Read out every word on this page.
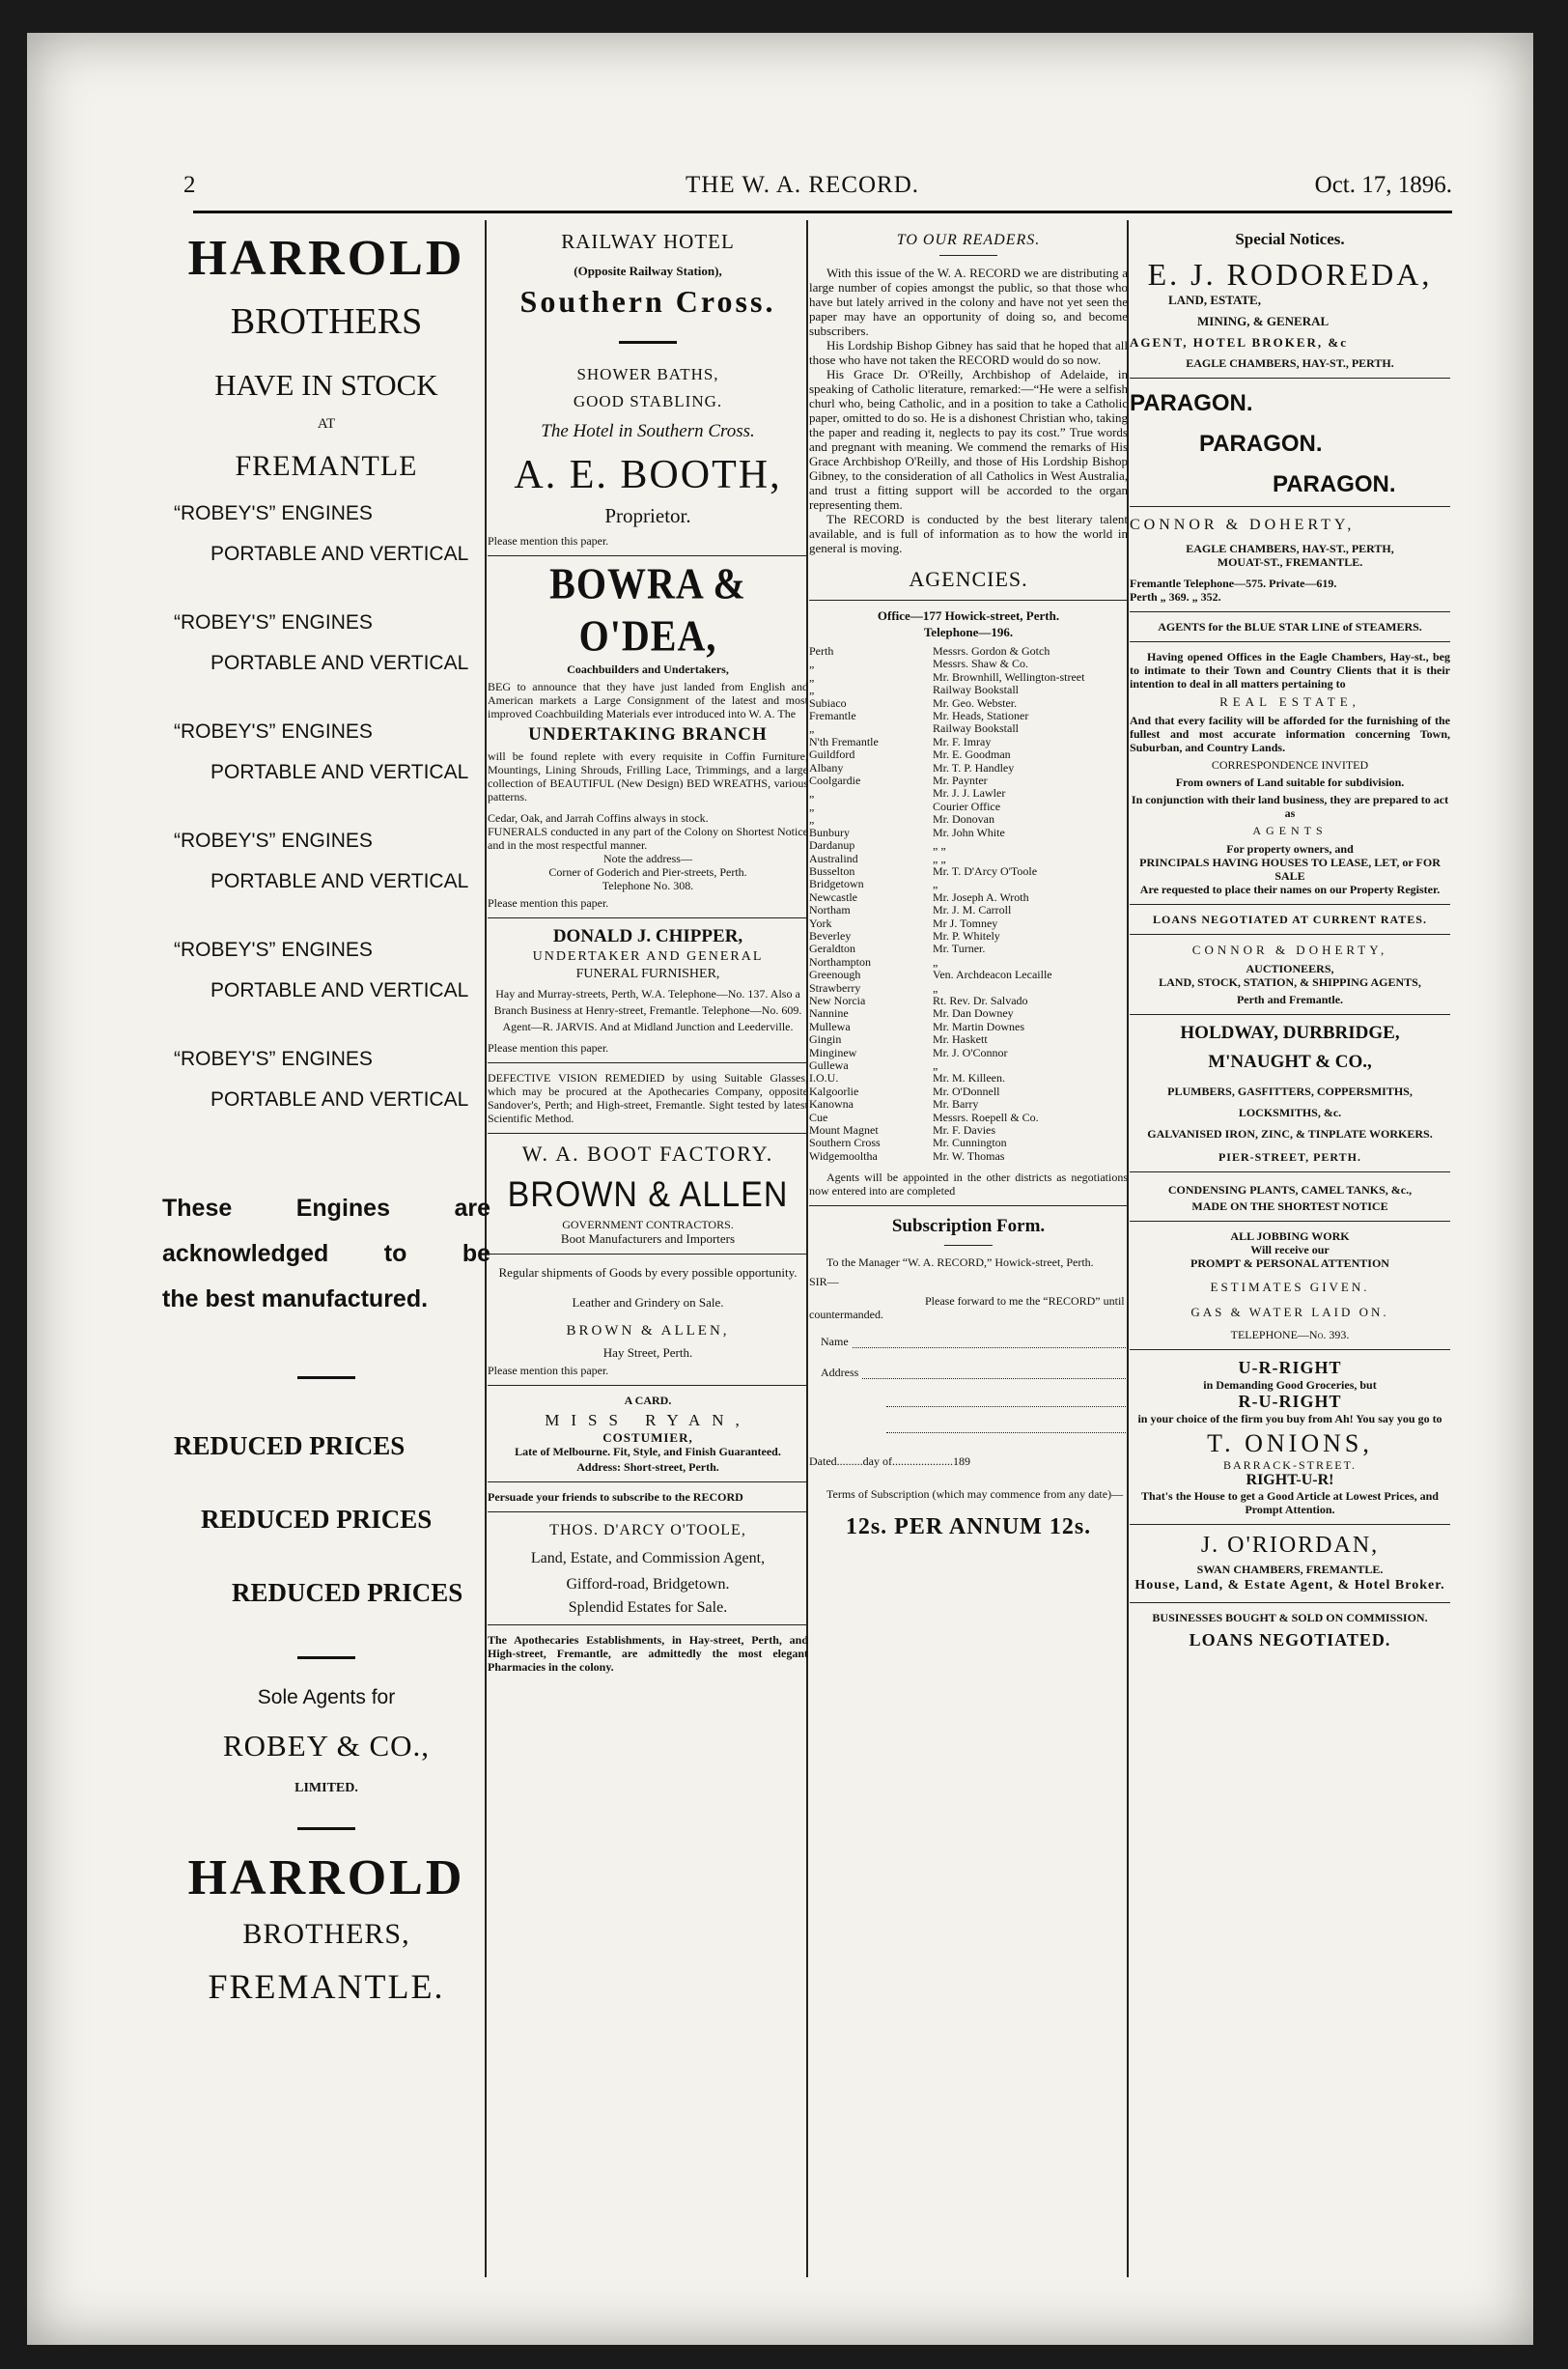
2	THE W. A. RECORD.	Oct. 17, 1896.
HARROLD
BROTHERS
HAVE IN STOCK
AT
FREMANTLE
“ROBEY'S” ENGINES
PORTABLE AND VERTICAL
“ROBEY'S” ENGINES
PORTABLE AND VERTICAL
“ROBEY'S” ENGINES
PORTABLE AND VERTICAL
“ROBEY'S” ENGINES
PORTABLE AND VERTICAL
“ROBEY'S” ENGINES
PORTABLE AND VERTICAL
“ROBEY'S” ENGINES
PORTABLE AND VERTICAL
These Engines are
acknowledged to be
the best manufactured.
REDUCED PRICES
REDUCED PRICES
REDUCED PRICES
Sole Agents for
ROBEY & CO.,
LIMITED.
HARROLD
BROTHERS,
FREMANTLE.
RAILWAY HOTEL
(Opposite Railway Station),
Southern Cross.
SHOWER BATHS,
GOOD STABLING.
The Hotel in Southern Cross.
A. E. BOOTH,
Proprietor.
Please mention this paper.
BOWRA & O'DEA,
Coachbuilders and Undertakers,
BEG to announce that they have just landed from English and American markets a Large Consignment of the latest and most improved Coachbuilding Materials ever introduced into W. A. The
UNDERTAKING BRANCH
will be found replete with every requisite in Coffin Furniture, Mountings, Lining Shrouds, Frilling Lace, Trimmings, and a large collection of BEAUTIFUL (New Design) BED WREATHS, various patterns.
Cedar, Oak, and Jarrah Coffins always in stock.
FUNERALS conducted in any part of the Colony on Shortest Notice and in the most respectful manner.
Note the address—
Corner of Goderich and Pier-streets, Perth.
Telephone No. 308.
Please mention this paper.
DONALD J. CHIPPER,
UNDERTAKER AND GENERAL
FUNERAL FURNISHER,
Hay and Murray-streets, Perth, W.A. Telephone—No. 137. Also a Branch Business at Henry-street, Fremantle. Telephone—No. 609. Agent—R. JARVIS. And at Midland Junction and Leederville.
Please mention this paper.
DEFECTIVE VISION REMEDIED by using Suitable Glasses, which may be procured at the Apothecaries Company, opposite Sandover's, Perth; and High-street, Fremantle. Sight tested by latest Scientific Method.
W. A. BOOT FACTORY.
BROWN & ALLEN
GOVERNMENT CONTRACTORS.
Boot Manufacturers and Importers
Regular shipments of Goods by every possible opportunity.
Leather and Grindery on Sale.
BROWN & ALLEN,
Hay Street, Perth.
Please mention this paper.
A CARD.
MISS RYAN,
COSTUMIER,
Late of Melbourne. Fit, Style, and Finish Guaranteed.
Address: Short-street, Perth.
Persuade your friends to subscribe to the RECORD
THOS. D'ARCY O'TOOLE,
Land, Estate, and Commission Agent,
Gifford-road, Bridgetown.
Splendid Estates for Sale.
The Apothecaries Establishments, in Hay-street, Perth, and High-street, Fremantle, are admittedly the most elegant Pharmacies in the colony.
TO OUR READERS.
With this issue of the W. A. RECORD we are distributing a large number of copies amongst the public, so that those who have but lately arrived in the colony and have not yet seen the paper may have an opportunity of doing so, and become subscribers.
His Lordship Bishop Gibney has said that he hoped that all those who have not taken the RECORD would do so now.
His Grace Dr. O'Reilly, Archbishop of Adelaide, in speaking of Catholic literature, remarked:—“He were a selfish churl who, being Catholic, and in a position to take a Catholic paper, omitted to do so. He is a dishonest Christian who, taking the paper and reading it, neglects to pay its cost.” True words and pregnant with meaning. We commend the remarks of His Grace Archbishop O'Reilly, and those of His Lordship Bishop Gibney, to the consideration of all Catholics in West Australia, and trust a fitting support will be accorded to the organ representing them.
The RECORD is conducted by the best literary talent available, and is full of information as to how the world in general is moving.
AGENCIES.
Office—177 Howick-street, Perth.
Telephone—196.
Perth	Messrs. Gordon & Gotch
„	Messrs. Shaw & Co.
„	Mr. Brownhill, Wellington-street
„	Railway Bookstall
Subiaco	Mr. Geo. Webster.
Fremantle	Mr. Heads, Stationer
„	Railway Bookstall
N'th Fremantle	Mr. F. Imray
Guildford	Mr. E. Goodman
Albany	Mr. T. P. Handley
Coolgardie	Mr. Paynter
„	Mr. J. J. Lawler
„	Courier Office
„	Mr. Donovan
Bunbury	Mr. John White
Dardanup	„ „
Australind	„ „
Busselton	Mr. T. D'Arcy O'Toole
Bridgetown	„
Newcastle	Mr. Joseph A. Wroth
Northam	Mr. J. M. Carroll
York	Mr J. Tomney
Beverley	Mr. P. Whitely
Geraldton	Mr. Turner.
Northampton	„
Greenough	Ven. Archdeacon Lecaille
Strawberry	„
New Norcia	Rt. Rev. Dr. Salvado
Nannine	Mr. Dan Downey
Mullewa	Mr. Martin Downes
Gingin	Mr. Haskett
Minginew	Mr. J. O'Connor
Gullewa	„
I.O.U.	Mr. M. Killeen.
Kalgoorlie	Mr. O'Donnell
Kanowna	Mr. Barry
Cue	Messrs. Roepell & Co.
Mount Magnet	Mr. F. Davies
Southern Cross	Mr. Cunnington
Widgemooltha	Mr. W. Thomas
Agents will be appointed in the other districts as negotiations now entered into are completed
Subscription Form.
To the Manager “W. A. RECORD,” Howick-street, Perth.
SIR—
Please forward to me the “RECORD” until countermanded.
Name
Address
Dated.........day of.....................189
Terms of Subscription (which may commence from any date)—
12s. PER ANNUM 12s.
Special Notices.
E. J. RODOREDA,
LAND, ESTATE,
MINING, & GENERAL
AGENT, HOTEL BROKER, &c
EAGLE CHAMBERS, HAY-ST., PERTH.
PARAGON.
PARAGON.
PARAGON.
CONNOR & DOHERTY,
EAGLE CHAMBERS, HAY-ST., PERTH,
MOUAT-ST., FREMANTLE.
Fremantle Telephone—575. Private—619.
Perth „ 369. „ 352.
AGENTS for the BLUE STAR LINE of STEAMERS.
Having opened Offices in the Eagle Chambers, Hay-st., beg to intimate to their Town and Country Clients that it is their intention to deal in all matters pertaining to
REAL ESTATE,
And that every facility will be afforded for the furnishing of the fullest and most accurate information concerning Town, Suburban, and Country Lands.
CORRESPONDENCE INVITED
From owners of Land suitable for subdivision.
In conjunction with their land business, they are prepared to act as
AGENTS
For property owners, and
PRINCIPALS HAVING HOUSES TO LEASE, LET, or FOR SALE
Are requested to place their names on our Property Register.
LOANS NEGOTIATED AT CURRENT RATES.
CONNOR & DOHERTY,
AUCTIONEERS,
LAND, STOCK, STATION, & SHIPPING AGENTS,
Perth and Fremantle.
HOLDWAY, DURBRIDGE,
M'NAUGHT & CO.,
PLUMBERS, GASFITTERS, COPPERSMITHS, LOCKSMITHS, &c.
GALVANISED IRON, ZINC, & TINPLATE WORKERS.
PIER-STREET, PERTH.
CONDENSING PLANTS, CAMEL TANKS, &c.,
MADE ON THE SHORTEST NOTICE
ALL JOBBING WORK
Will receive our
PROMPT & PERSONAL ATTENTION
ESTIMATES GIVEN.
GAS & WATER LAID ON.
TELEPHONE—No. 393.
U-R-RIGHT
in Demanding Good Groceries, but
R-U-RIGHT
in your choice of the firm you buy from Ah! You say you go to
T. ONIONS,
BARRACK-STREET.
RIGHT-U-R!
That's the House to get a Good Article at Lowest Prices, and Prompt Attention.
J. O'RIORDAN,
SWAN CHAMBERS, FREMANTLE.
House, Land, & Estate Agent, & Hotel Broker.
BUSINESSES BOUGHT & SOLD ON COMMISSION.
LOANS NEGOTIATED.
